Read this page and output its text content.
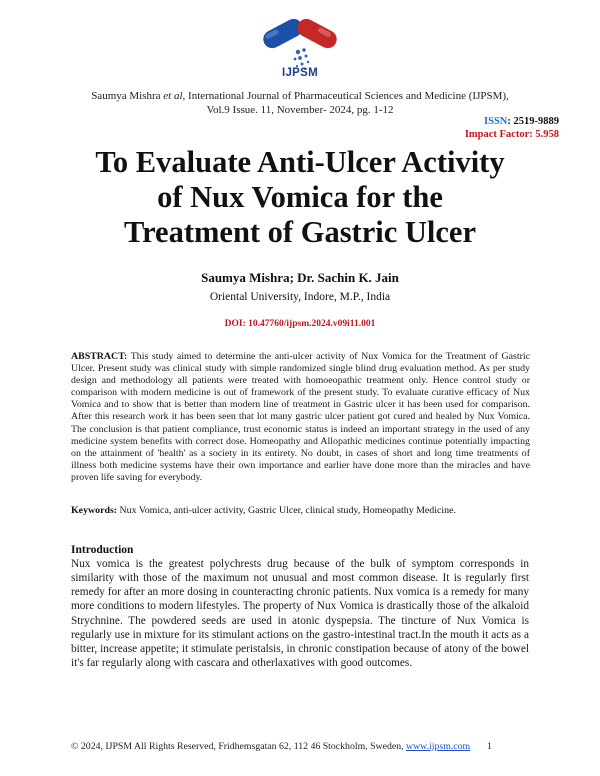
IJPSM
Saumya Mishra et al, International Journal of Pharmaceutical Sciences and Medicine (IJPSM),
Vol.9 Issue. 11, November- 2024, pg. 1-12
ISSN: 2519-9889
Impact Factor: 5.958
To Evaluate Anti-Ulcer Activity
of Nux Vomica for the
Treatment of Gastric Ulcer
Saumya Mishra; Dr. Sachin K. Jain
Oriental University, Indore, M.P., India
DOI: 10.47760/ijpsm.2024.v09i11.001
ABSTRACT: This study aimed to determine the anti-ulcer activity of Nux Vomica for the Treatment of Gastric Ulcer. Present study was clinical study with simple randomized single blind drug evaluation method. As per study design and methodology all patients were treated with homoeopathic treatment only. Hence control study or comparison with modern medicine is out of framework of the present study. To evaluate curative efficacy of Nux Vomica and to show that is better than modern line of treatment in Gastric ulcer it has been used for comparison. After this research work it has been seen that lot many gastric ulcer patient got cured and healed by Nux Vomica. The conclusion is that patient compliance, trust economic status is indeed an important strategy in the used of any medicine system benefits with correct dose. Homeopathy and Allopathic medicines continue potentially impacting on the attainment of 'health' as a society in its entirety. No doubt, in cases of short and long time treatments of illness both medicine systems have their own importance and earlier have done more than the miracles and have proven life saving for everybody.
Keywords: Nux Vomica, anti-ulcer activity, Gastric Ulcer, clinical study, Homeopathy Medicine.
Introduction
Nux vomica is the greatest polychrests drug because of the bulk of symptom corresponds in similarity with those of the maximum not unusual and most common disease. It is regularly first remedy for after an more dosing in counteracting chronic patients. Nux vomica is a remedy for many more conditions to modern lifestyles. The property of Nux Vomica is drastically those of the alkaloid Strychnine. The powdered seeds are used in atonic dyspepsia. The tincture of Nux Vomica is regularly use in mixture for its stimulant actions on the gastro-intestinal tract.In the mouth it acts as a bitter, increase appetite; it stimulate peristalsis, in chronic constipation because of atony of the bowel it's far regularly along with cascara and otherlaxatives with good outcomes.
© 2024, IJPSM All Rights Reserved, Fridhemsgatan 62, 112 46 Stockholm, Sweden, www.ijpsm.com	1
